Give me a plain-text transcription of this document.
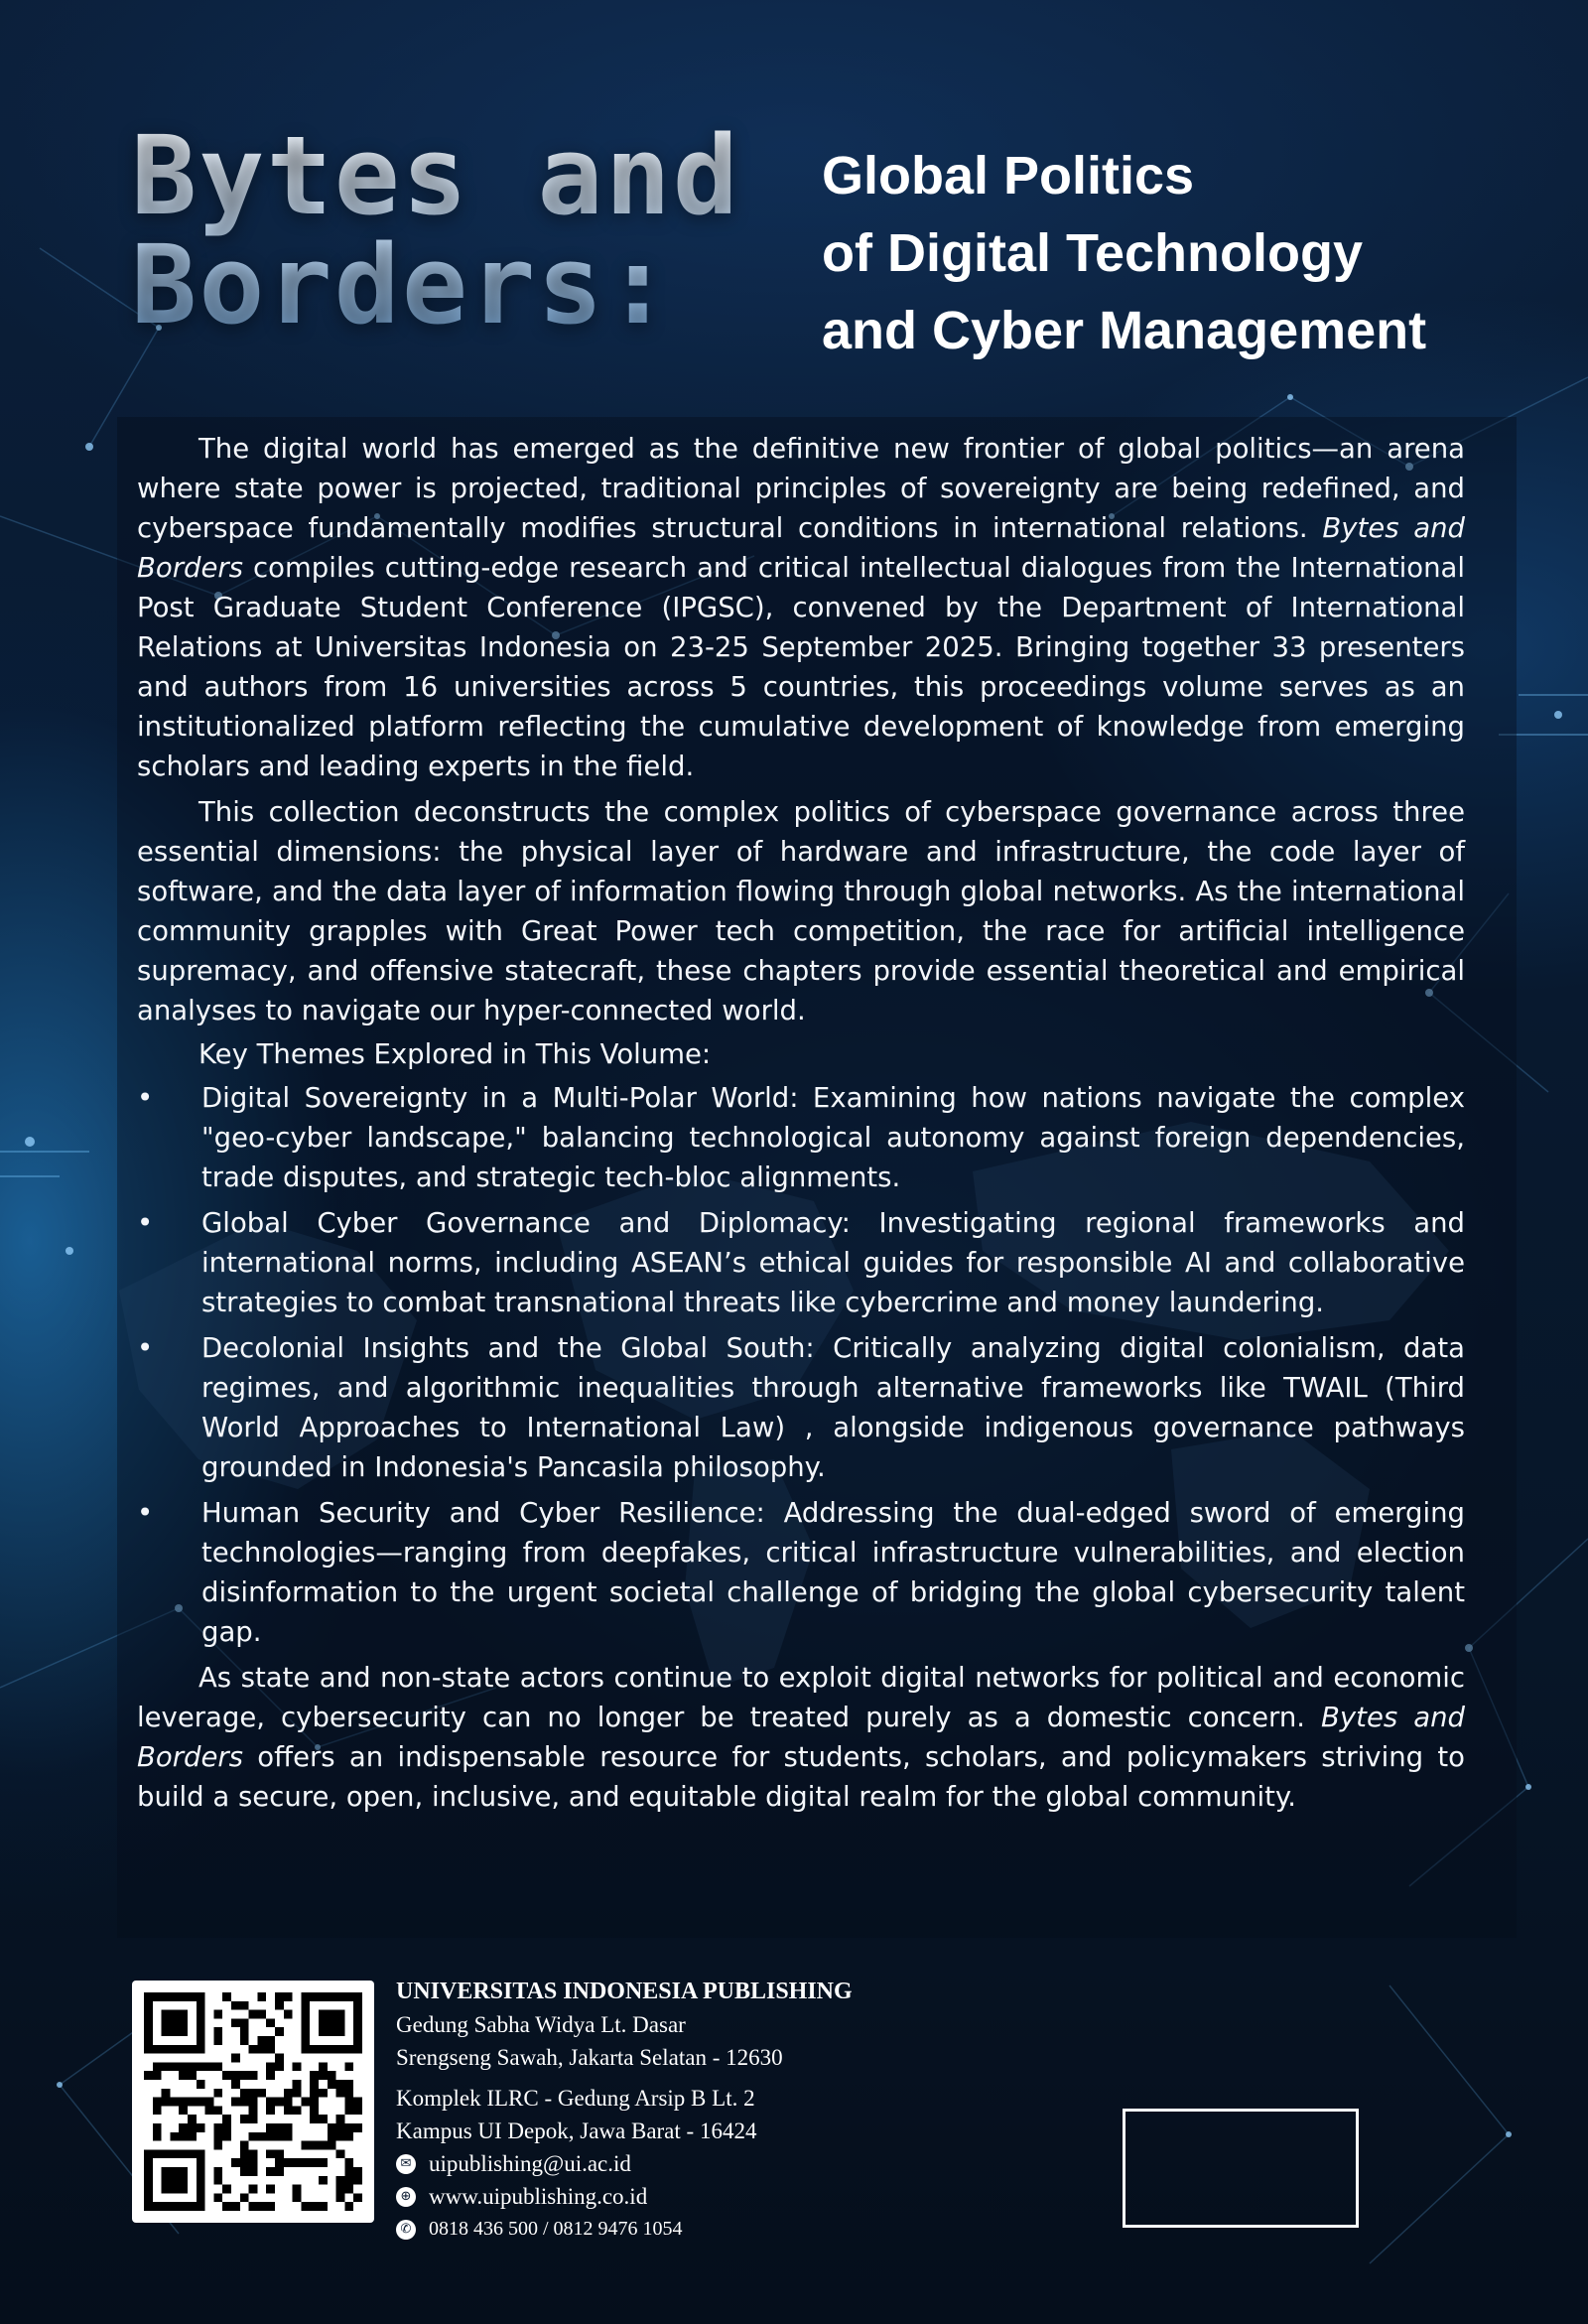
Bytes and
Borders:
Global Politics
of Digital Technology
and Cyber Management

The digital world has emerged as the definitive new frontier of global politics—an arena where state power is projected, traditional principles of sovereignty are being redefined, and cyberspace fundamentally modifies structural conditions in international relations. Bytes and Borders compiles cutting-edge research and critical intellectual dialogues from the International Post Graduate Student Conference (IPGSC), convened by the Department of International Relations at Universitas Indonesia on 23-25 September 2025. Bringing together 33 presenters and authors from 16 universities across 5 countries, this proceedings volume serves as an institutionalized platform reflecting the cumulative development of knowledge from emerging scholars and leading experts in the field.

This collection deconstructs the complex politics of cyberspace governance across three essential dimensions: the physical layer of hardware and infrastructure, the code layer of software, and the data layer of information flowing through global networks. As the international community grapples with Great Power tech competition, the race for artificial intelligence supremacy, and offensive statecraft, these chapters provide essential theoretical and empirical analyses to navigate our hyper-connected world.

Key Themes Explored in This Volume:
• Digital Sovereignty in a Multi-Polar World: Examining how nations navigate the complex "geo-cyber landscape," balancing technological autonomy against foreign dependencies, trade disputes, and strategic tech-bloc alignments.
• Global Cyber Governance and Diplomacy: Investigating regional frameworks and international norms, including ASEAN’s ethical guides for responsible AI and collaborative strategies to combat transnational threats like cybercrime and money laundering.
• Decolonial Insights and the Global South: Critically analyzing digital colonialism, data regimes, and algorithmic inequalities through alternative frameworks like TWAIL (Third World Approaches to International Law) , alongside indigenous governance pathways grounded in Indonesia's Pancasila philosophy.
• Human Security and Cyber Resilience: Addressing the dual-edged sword of emerging technologies—ranging from deepfakes, critical infrastructure vulnerabilities, and election disinformation to the urgent societal challenge of bridging the global cybersecurity talent gap.

As state and non-state actors continue to exploit digital networks for political and economic leverage, cybersecurity can no longer be treated purely as a domestic concern. Bytes and Borders offers an indispensable resource for students, scholars, and policymakers striving to build a secure, open, inclusive, and equitable digital realm for the global community.

UNIVERSITAS INDONESIA PUBLISHING
Gedung Sabha Widya Lt. Dasar
Srengseng Sawah, Jakarta Selatan - 12630
Komplek ILRC - Gedung Arsip B Lt. 2
Kampus UI Depok, Jawa Barat - 16424
✉ uipublishing@ui.ac.id
⊕ www.uipublishing.co.id
✆ 0818 436 500 / 0812 9476 1054
